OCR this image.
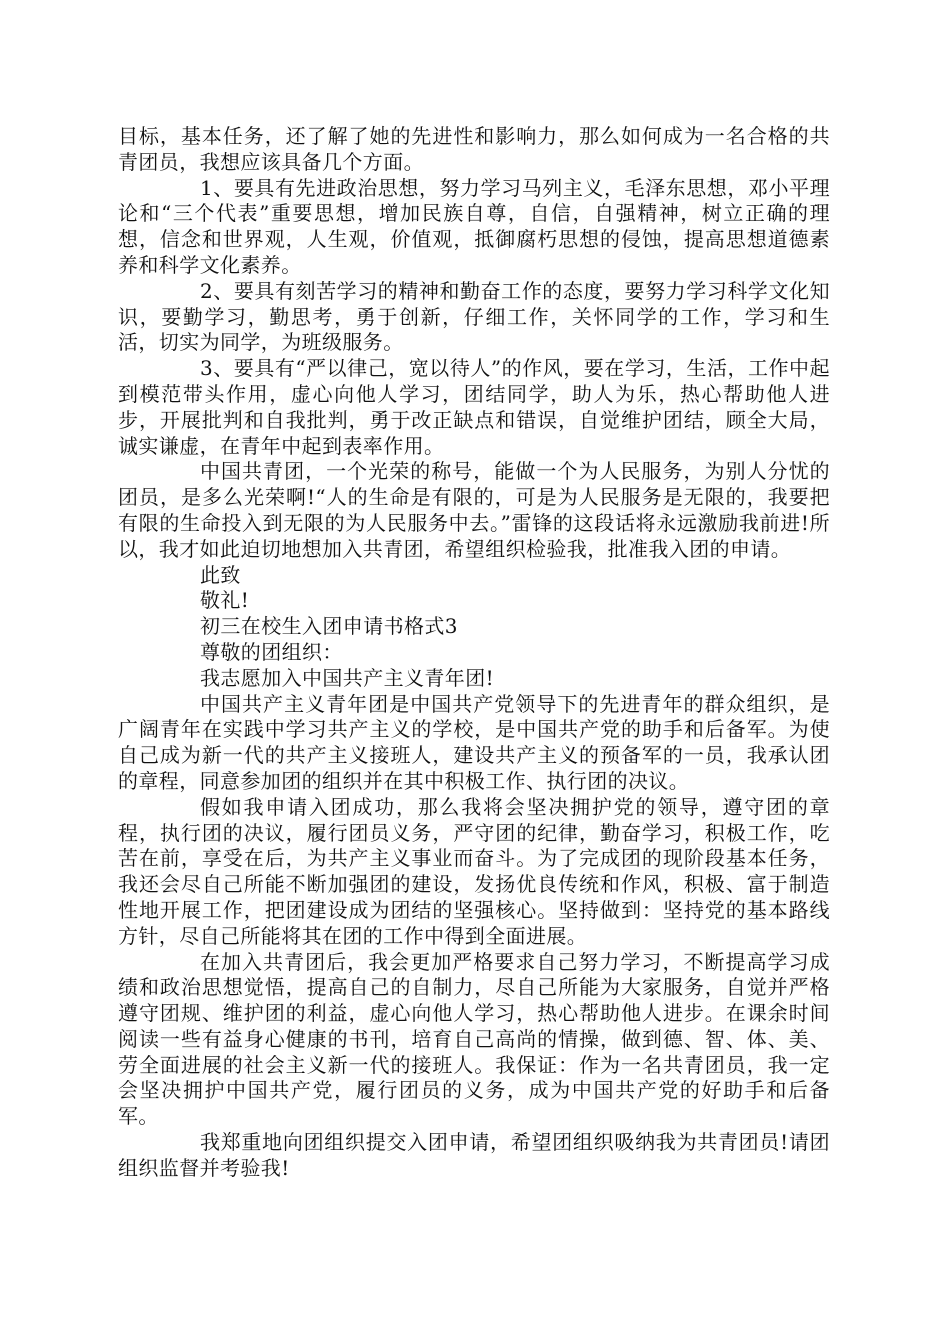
目标，基本任务，还了解了她的先进性和影响力，那么如何成为一名合格的共青团员，我想应该具备几个方面。

1、要具有先进政治思想，努力学习马列主义，毛泽东思想，邓小平理论和“三个代表”重要思想，增加民族自尊，自信，自强精神，树立正确的理想，信念和世界观，人生观，价值观，抵御腐朽思想的侵蚀，提高思想道德素养和科学文化素养。

2、要具有刻苦学习的精神和勤奋工作的态度，要努力学习科学文化知识，要勤学习，勤思考，勇于创新，仔细工作，关怀同学的工作，学习和生活，切实为同学，为班级服务。

3、要具有“严以律己，宽以待人”的作风，要在学习，生活，工作中起到模范带头作用，虚心向他人学习，团结同学，助人为乐，热心帮助他人进步，开展批判和自我批判，勇于改正缺点和错误，自觉维护团结，顾全大局，诚实谦虚，在青年中起到表率作用。

中国共青团，一个光荣的称号，能做一个为人民服务，为别人分忧的团员，是多么光荣啊!“人的生命是有限的，可是为人民服务是无限的，我要把有限的生命投入到无限的为人民服务中去。”雷锋的这段话将永远激励我前进!所以，我才如此迫切地想加入共青团，希望组织检验我，批准我入团的申请。

此致

敬礼!

初三在校生入团申请书格式3

尊敬的团组织：

我志愿加入中国共产主义青年团!

中国共产主义青年团是中国共产党领导下的先进青年的群众组织，是广阔青年在实践中学习共产主义的学校，是中国共产党的助手和后备军。为使自己成为新一代的共产主义接班人，建设共产主义的预备军的一员，我承认团的章程，同意参加团的组织并在其中积极工作、执行团的决议。

假如我申请入团成功，那么我将会坚决拥护党的领导，遵守团的章程，执行团的决议，履行团员义务，严守团的纪律，勤奋学习，积极工作，吃苦在前，享受在后，为共产主义事业而奋斗。为了完成团的现阶段基本任务，我还会尽自己所能不断加强团的建设，发扬优良传统和作风，积极、富于制造性地开展工作，把团建设成为团结的坚强核心。坚持做到：坚持党的基本路线方针，尽自己所能将其在团的工作中得到全面进展。

在加入共青团后，我会更加严格要求自己努力学习，不断提高学习成绩和政治思想觉悟，提高自己的自制力，尽自己所能为大家服务，自觉并严格遵守团规、维护团的利益，虚心向他人学习，热心帮助他人进步。在课余时间阅读一些有益身心健康的书刊，培育自己高尚的情操，做到德、智、体、美、劳全面进展的社会主义新一代的接班人。我保证：作为一名共青团员，我一定会坚决拥护中国共产党，履行团员的义务，成为中国共产党的好助手和后备军。

我郑重地向团组织提交入团申请，希望团组织吸纳我为共青团员!请团组织监督并考验我!
